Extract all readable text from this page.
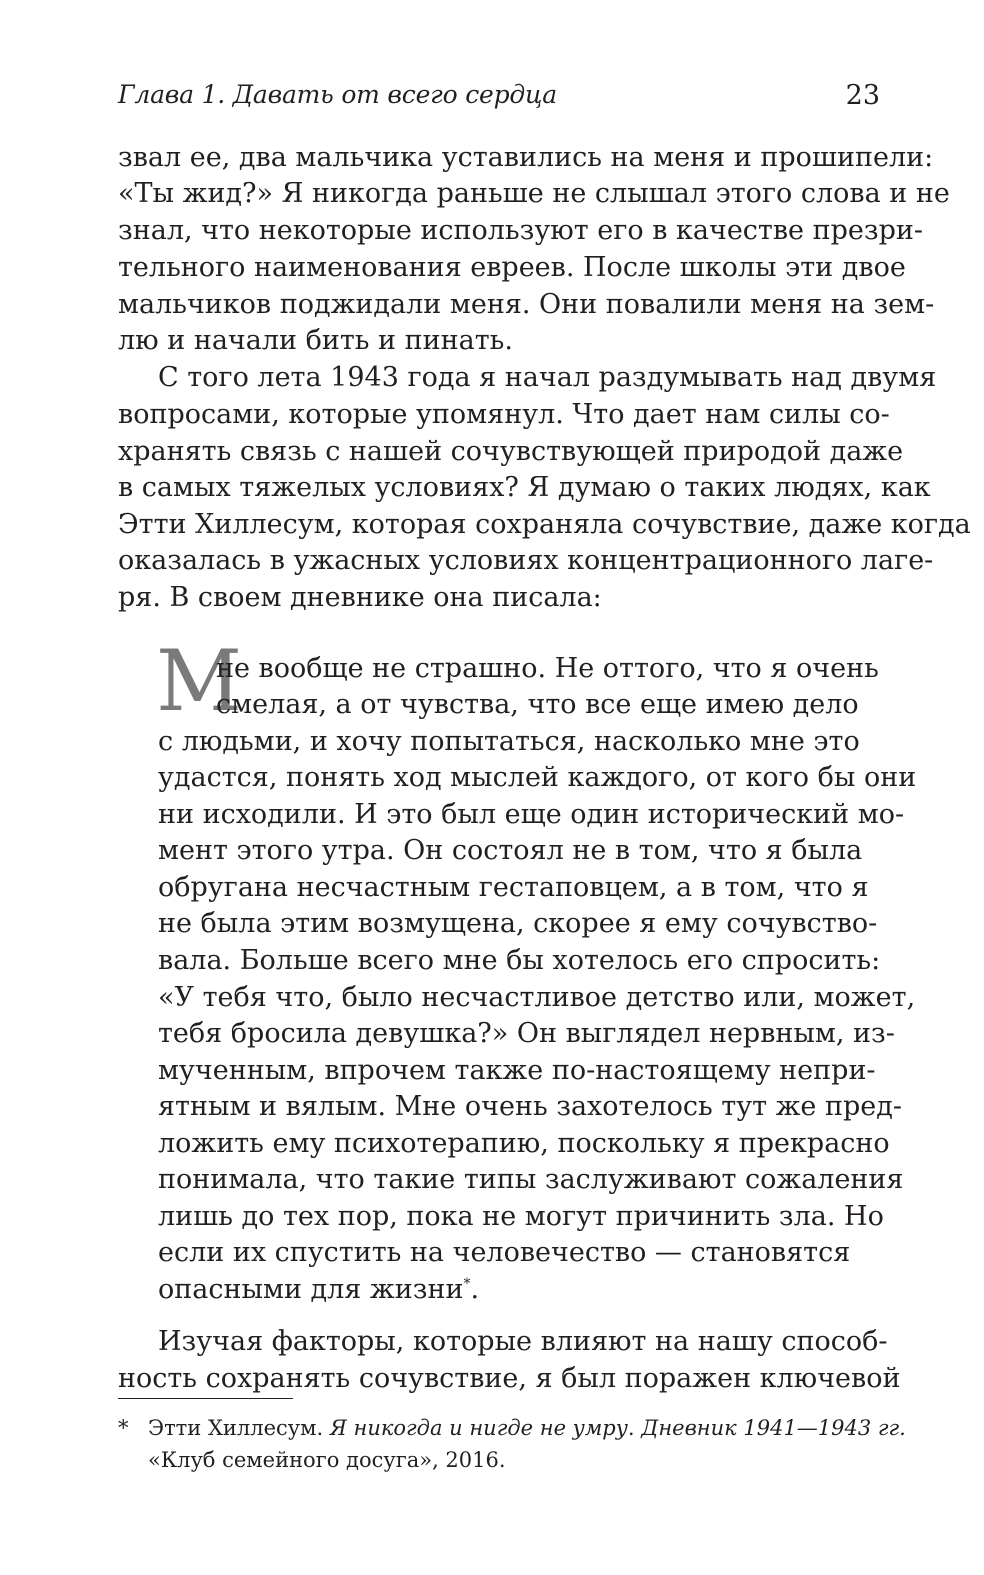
Глава 1. Давать от всего сердца	23
звал ее, два мальчика уставились на меня и прошипели:
«Ты жид?» Я никогда раньше не слышал этого слова и не
знал, что некоторые используют его в качестве презри-
тельного наименования евреев. После школы эти двое
мальчиков поджидали меня. Они повалили меня на зем-
лю и начали бить и пинать.
С того лета 1943 года я начал раздумывать над двумя
вопросами, которые упомянул. Что дает нам силы со-
хранять связь с нашей сочувствующей природой даже
в самых тяжелых условиях? Я думаю о таких людях, как
Этти Хиллесум, которая сохраняла сочувствие, даже когда
оказалась в ужасных условиях концентрационного лаге-
ря. В своем дневнике она писала:
М
не вообще не страшно. Не оттого, что я очень
смелая, а от чувства, что все еще имею дело
с людьми, и хочу попытаться, насколько мне это
удастся, понять ход мыслей каждого, от кого бы они
ни исходили. И это был еще один исторический мо-
мент этого утра. Он состоял не в том, что я была
обругана несчастным гестаповцем, а в том, что я
не была этим возмущена, скорее я ему сочувство-
вала. Больше всего мне бы хотелось его спросить:
«У тебя что, было несчастливое детство или, может,
тебя бросила девушка?» Он выглядел нервным, из-
мученным, впрочем также по-настоящему непри-
ятным и вялым. Мне очень захотелось тут же пред-
ложить ему психотерапию, поскольку я прекрасно
понимала, что такие типы заслуживают сожаления
лишь до тех пор, пока не могут причинить зла. Но
если их спустить на человечество — становятся
опасными для жизни*.
Изучая факторы, которые влияют на нашу способ-
ность сохранять сочувствие, я был поражен ключевой
* Этти Хиллесум. Я никогда и нигде не умру. Дневник 1941—1943 гг.
«Клуб семейного досуга», 2016.
